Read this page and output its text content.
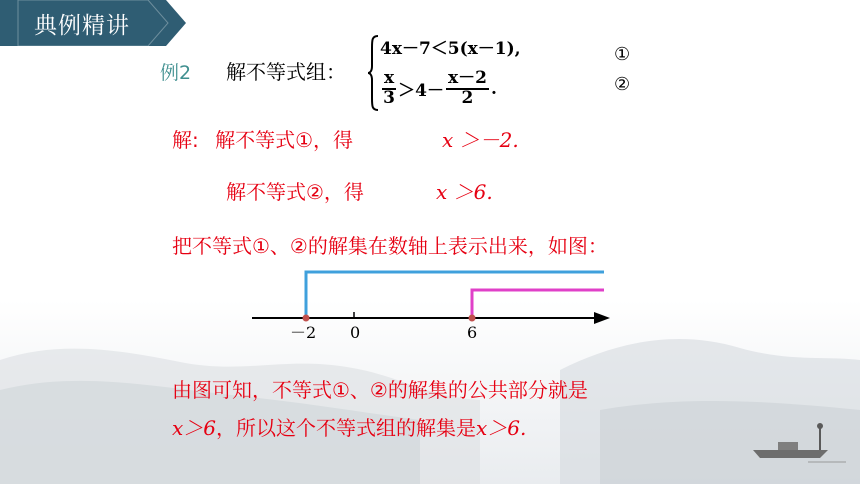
典例精讲
例2 解不等式组：
4x－7＜5(x－1),
$\frac{x}{3} >4- \frac{x-2}{2}$ .
①
②
解: 解不等式①，得	x ＞－2.
解不等式②，得	x ＞6.
把不等式①、②的解集在数轴上表示出来，如图：
－2 0	6
由图可知，不等式①、②的解集的公共部分就是
x＞6，所以这个不等式组的解集是x＞6.
